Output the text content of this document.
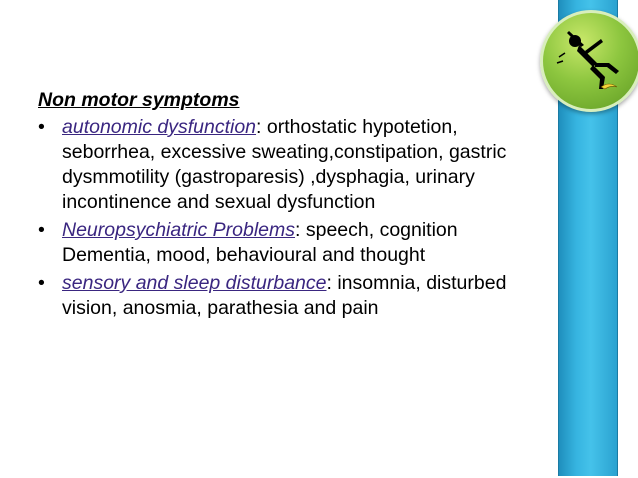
Non motor symptoms
• autonomic dysfunction: orthostatic hypotetion, seborrhea, excessive sweating,constipation, gastric dysmmotility (gastroparesis) ,dysphagia, urinary incontinence and sexual dysfunction
• Neuropsychiatric Problems: speech, cognition Dementia, mood, behavioural and thought
• sensory and sleep disturbance: insomnia, disturbed vision, anosmia, parathesia and pain
